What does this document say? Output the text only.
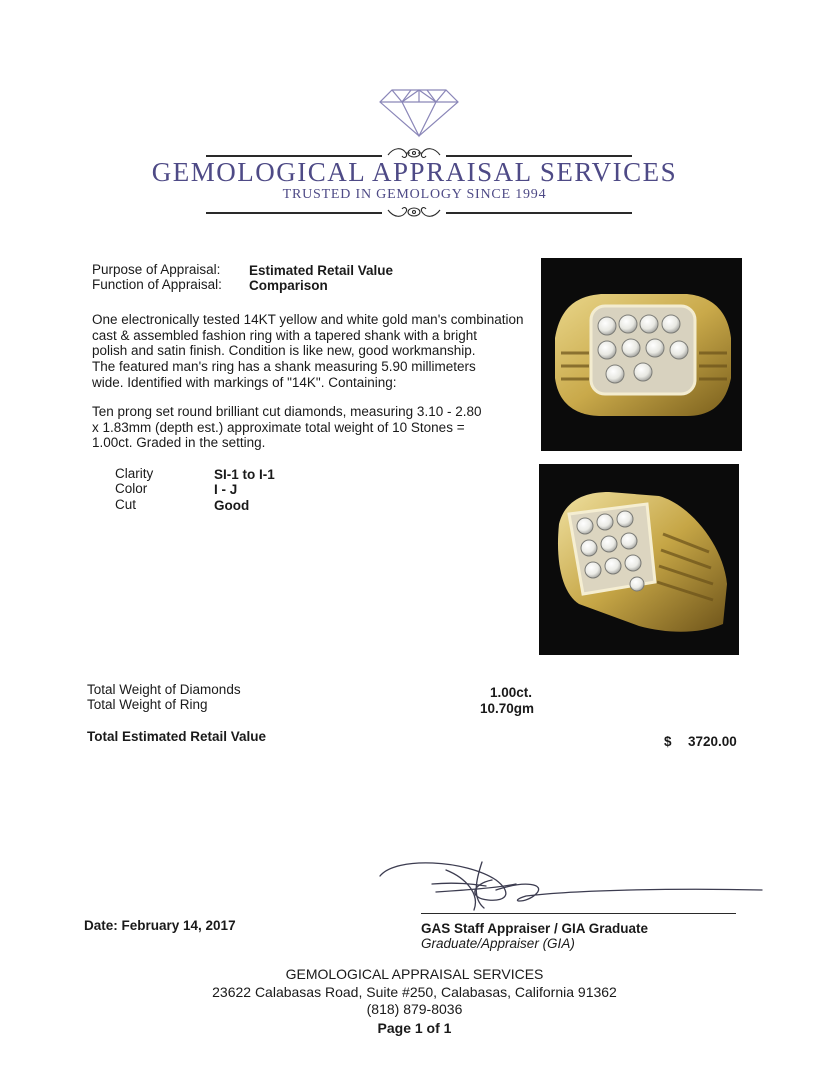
GEMOLOGICAL APPRAISAL SERVICES
TRUSTED IN GEMOLOGY SINCE 1994
Purpose of Appraisal: Estimated Retail Value
Function of Appraisal: Comparison
One electronically tested 14KT yellow and white gold man's combination
cast & assembled fashion ring with a tapered shank with a bright
polish and satin finish. Condition is like new, good workmanship.
The featured man's ring has a shank measuring 5.90 millimeters
wide. Identified with markings of "14K". Containing:
Ten prong set round brilliant cut diamonds, measuring 3.10 - 2.80
x 1.83mm (depth est.) approximate total weight of 10 Stones =
1.00ct. Graded in the setting.
Clarity	SI-1 to I-1
Color	I - J
Cut	Good
Total Weight of Diamonds	1.00ct.
Total Weight of Ring	10.70gm
Total Estimated Retail Value	$ 3720.00
Date: February 14, 2017	GAS Staff Appraiser / GIA Graduate
Graduate/Appraiser (GIA)
GEMOLOGICAL APPRAISAL SERVICES
23622 Calabasas Road, Suite #250, Calabasas, California 91362
(818) 879-8036
Page 1 of 1
